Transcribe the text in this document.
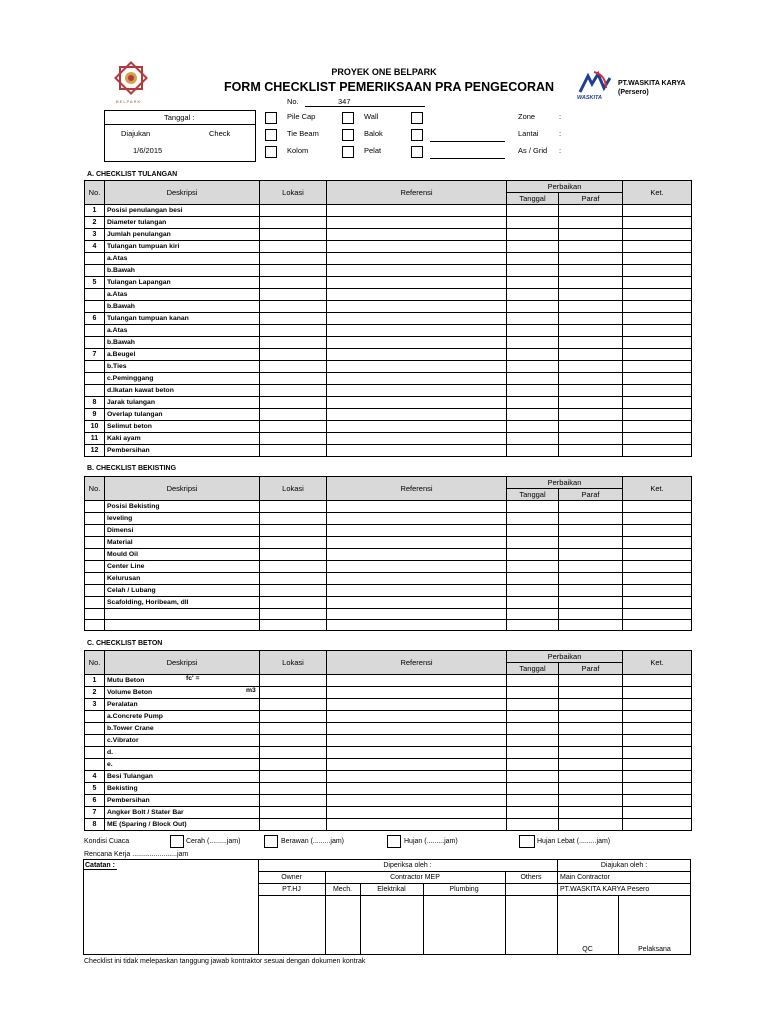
BELPARK
PROYEK ONE BELPARK
FORM CHECKLIST PEMERIKSAAN PRA PENGECORAN
No.	347	WASKITA
PT.WASKITA KARYA
(Persero)
Tanggal :
Diajukan	Check
1/6/2015
Pile Cap
Tie Beam
Kolom
Wall
Balok
Pelat
Zone
Lantai
As / Grid
:
:
:
A. CHECKLIST TULANGAN
No.	Deskripsi	Lokasi	Referensi	Perbaikan		Ket.
				Tanggal	Paraf	
1	Posisi penulangan besi					
2	Diameter tulangan					
3	Jumlah penulangan					
4	Tulangan tumpuan kiri					
	a.Atas					
	b.Bawah					
5	Tulangan Lapangan					
	a.Atas					
	b.Bawah					
6	Tulangan tumpuan kanan					
	a.Atas					
	b.Bawah					
7	a.Beugel					
	b.Ties					
	c.Peminggang					
	d.Ikatan kawat beton					
8	Jarak tulangan					
9	Overlap tulangan					
10	Selimut beton					
11	Kaki ayam					
12	Pembersihan					
B. CHECKLIST BEKISTING
No.	Deskripsi	Lokasi	Referensi	Perbaikan		Ket.
				Tanggal	Paraf	
	Posisi Bekisting					
	leveling					
	Dimensi					
	Material					
	Mould Oil					
	Center Line					
	Kelurusan					
	Celah / Lubang					
	Scafolding, Horibeam, dll					

C. CHECKLIST BETON
No.	Deskripsi	Lokasi	Referensi	Perbaikan		Ket.
				Tanggal	Paraf	
1	Mutu Beton					
2	Volume Beton					
3	Peralatan					
	a.Concrete Pump					
	b.Tower Crane					
	c.Vibrator					
	d.					
	e.					
4	Besi Tulangan					
5	Bekisting					
6	Pembersihan					
7	Angker Bolt / Stater Bar					
8	ME (Sparing / Block Out)					
fc' =
m3
Kondisi Cuaca	Cerah (.........jam)	Berawan (.........jam)	Hujan (.........jam)	Hujan Lebat (.........jam)
Rencana Kerja .......................jam
Catatan :	Diperiksa oleh :	Diajukan oleh :
Owner	Contractor MEP	Others	Main Contractor
PT.HJ	Mech.	Elektrikal	Plumbing	PT.WASKITA KARYA Pesero
QC	Pelaksana
Checklist ini tidak melepaskan tanggung jawab kontraktor sesuai dengan dokumen kontrak
